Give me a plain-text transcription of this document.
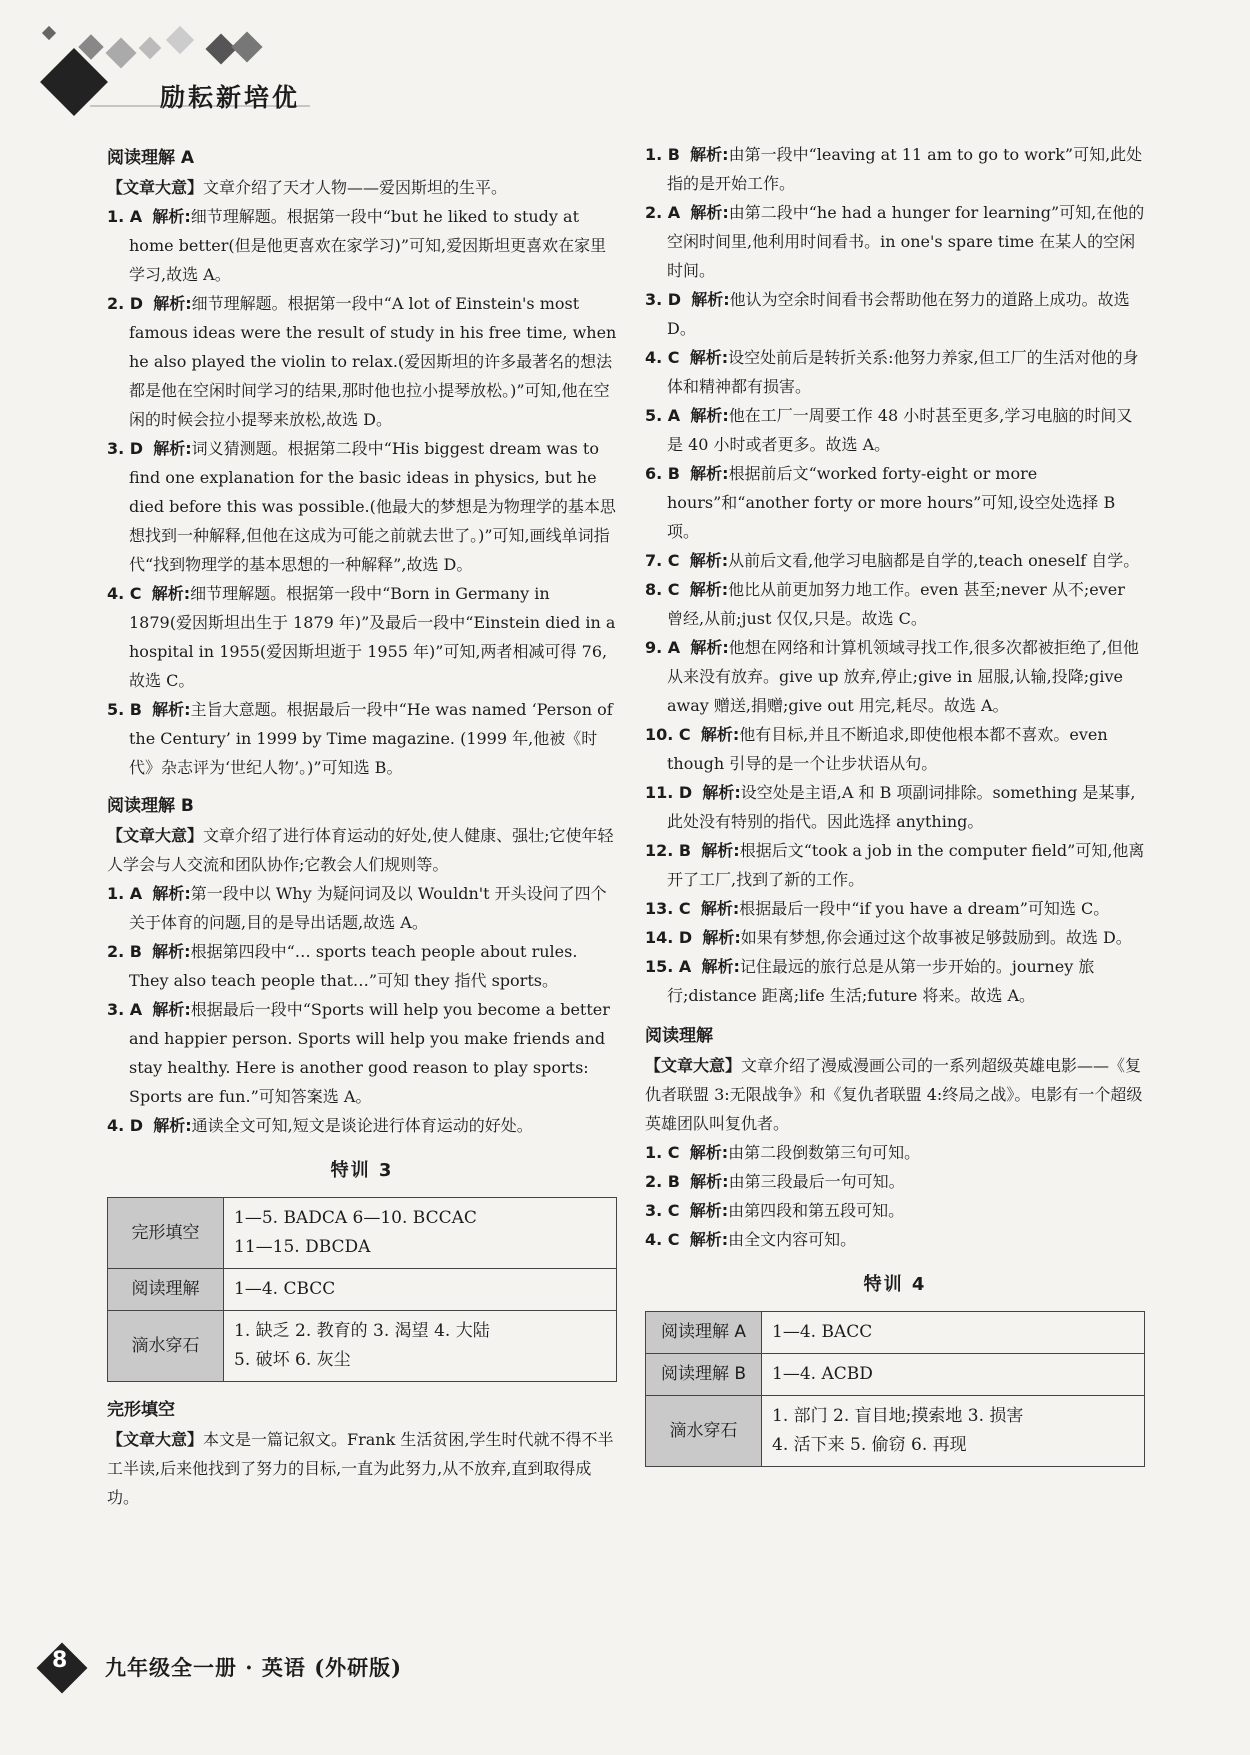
励耘新培优
阅读理解 A
【文章大意】文章介绍了天才人物——爱因斯坦的生平。
1. A 解析:细节理解题。根据第一段中“but he liked to study at home better(但是他更喜欢在家学习)”可知,爱因斯坦更喜欢在家里学习,故选 A。
2. D 解析:细节理解题。根据第一段中“A lot of Einstein's most famous ideas were the result of study in his free time, when he also played the violin to relax.(爱因斯坦的许多最著名的想法都是他在空闲时间学习的结果,那时他也拉小提琴放松。)”可知,他在空闲的时候会拉小提琴来放松,故选 D。
3. D 解析:词义猜测题。根据第二段中“His biggest dream was to find one explanation for the basic ideas in physics, but he died before this was possible.(他最大的梦想是为物理学的基本思想找到一种解释,但他在这成为可能之前就去世了。)”可知,画线单词指代“找到物理学的基本思想的一种解释”,故选 D。
4. C 解析:细节理解题。根据第一段中“Born in Germany in 1879(爱因斯坦出生于 1879 年)”及最后一段中“Einstein died in a hospital in 1955(爱因斯坦逝于 1955 年)”可知,两者相减可得 76,故选 C。
5. B 解析:主旨大意题。根据最后一段中“He was named ‘Person of the Century’ in 1999 by Time magazine. (1999 年,他被《时代》杂志评为‘世纪人物’。)”可知选 B。
阅读理解 B
【文章大意】文章介绍了进行体育运动的好处,使人健康、强壮;它使年轻人学会与人交流和团队协作;它教会人们规则等。
1. A 解析:第一段中以 Why 为疑问词及以 Wouldn't 开头设问了四个关于体育的问题,目的是导出话题,故选 A。
2. B 解析:根据第四段中“… sports teach people about rules. They also teach people that…”可知 they 指代 sports。
3. A 解析:根据最后一段中“Sports will help you become a better and happier person. Sports will help you make friends and stay healthy. Here is another good reason to play sports: Sports are fun.”可知答案选 A。
4. D 解析:通读全文可知,短文是谈论进行体育运动的好处。
特训 3
完形填空	1—5. BADCA 6—10. BCCAC
11—15. DBCDA

阅读理解	1—4. CBCC
滴水穿石	1. 缺乏 2. 教育的 3. 渴望 4. 大陆
5. 破坏 6. 灰尘
完形填空
【文章大意】本文是一篇记叙文。Frank 生活贫困,学生时代就不得不半工半读,后来他找到了努力的目标,一直为此努力,从不放弃,直到取得成功。
1. B 解析:由第一段中“leaving at 11 am to go to work”可知,此处指的是开始工作。
2. A 解析:由第二段中“he had a hunger for learning”可知,在他的空闲时间里,他利用时间看书。in one's spare time 在某人的空闲时间。
3. D 解析:他认为空余时间看书会帮助他在努力的道路上成功。故选 D。
4. C 解析:设空处前后是转折关系:他努力养家,但工厂的生活对他的身体和精神都有损害。
5. A 解析:他在工厂一周要工作 48 小时甚至更多,学习电脑的时间又是 40 小时或者更多。故选 A。
6. B 解析:根据前后文“worked forty-eight or more hours”和“another forty or more hours”可知,设空处选择 B 项。
7. C 解析:从前后文看,他学习电脑都是自学的,teach oneself 自学。
8. C 解析:他比从前更加努力地工作。even 甚至;never 从不;ever 曾经,从前;just 仅仅,只是。故选 C。
9. A 解析:他想在网络和计算机领域寻找工作,很多次都被拒绝了,但他从来没有放弃。give up 放弃,停止;give in 屈服,认输,投降;give away 赠送,捐赠;give out 用完,耗尽。故选 A。
10. C 解析:他有目标,并且不断追求,即使他根本都不喜欢。even though 引导的是一个让步状语从句。
11. D 解析:设空处是主语,A 和 B 项副词排除。something 是某事,此处没有特别的指代。因此选择 anything。
12. B 解析:根据后文“took a job in the computer field”可知,他离开了工厂,找到了新的工作。
13. C 解析:根据最后一段中“if you have a dream”可知选 C。
14. D 解析:如果有梦想,你会通过这个故事被足够鼓励到。故选 D。
15. A 解析:记住最远的旅行总是从第一步开始的。journey 旅行;distance 距离;life 生活;future 将来。故选 A。
阅读理解
【文章大意】文章介绍了漫威漫画公司的一系列超级英雄电影——《复仇者联盟 3:无限战争》和《复仇者联盟 4:终局之战》。电影有一个超级英雄团队叫复仇者。
1. C 解析:由第二段倒数第三句可知。
2. B 解析:由第三段最后一句可知。
3. C 解析:由第四段和第五段可知。
4. C 解析:由全文内容可知。
特训 4
阅读理解 A	1—4. BACC
阅读理解 B	1—4. ACBD
滴水穿石	1. 部门 2. 盲目地;摸索地 3. 损害
4. 活下来 5. 偷窃 6. 再现
8 九年级全一册 · 英语 (外研版)
